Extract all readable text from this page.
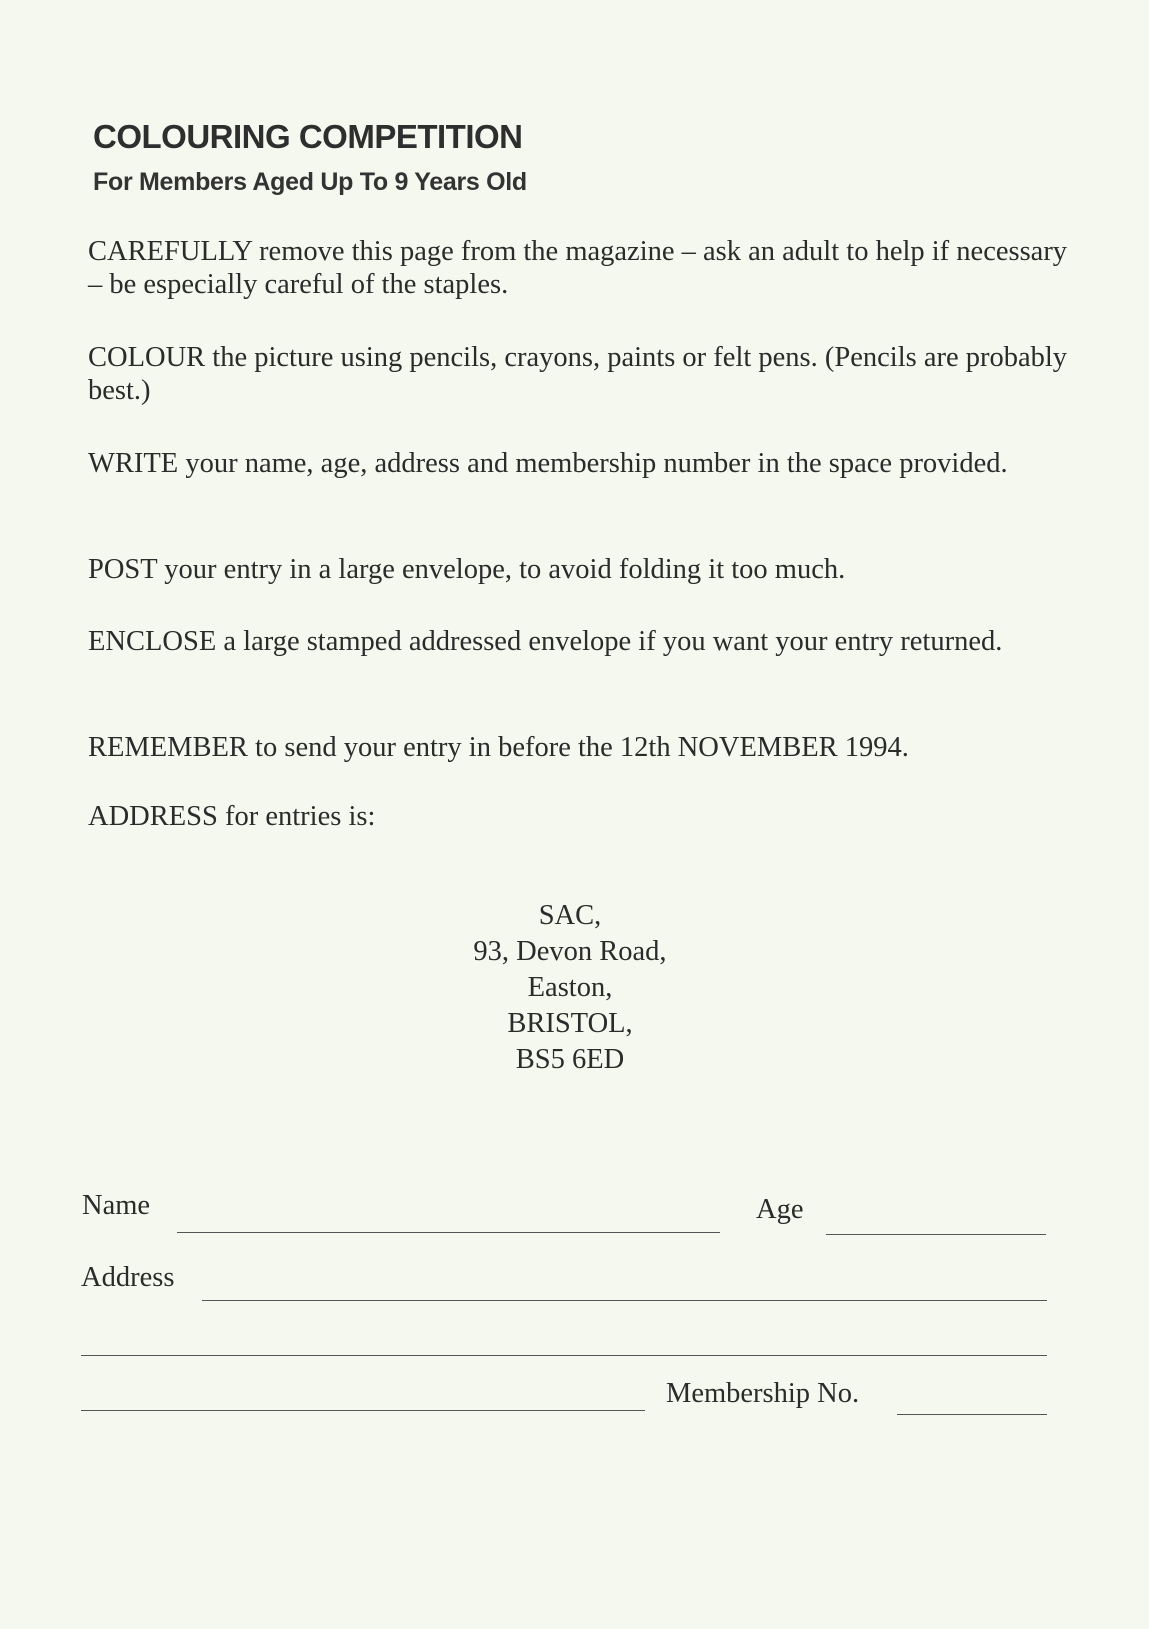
COLOURING COMPETITION
For Members Aged Up To 9 Years Old

CAREFULLY remove this page from the magazine – ask an adult to help if necessary – be especially careful of the staples.

COLOUR the picture using pencils, crayons, paints or felt pens. (Pencils are probably best.)

WRITE your name, age, address and membership number in the space provided.

POST your entry in a large envelope, to avoid folding it too much.

ENCLOSE a large stamped addressed envelope if you want your entry returned.

REMEMBER to send your entry in before the 12th NOVEMBER 1994.

ADDRESS for entries is:

SAC,
93, Devon Road,
Easton,
BRISTOL,
BS5 6ED
Name	Age
Address
Membership No.
